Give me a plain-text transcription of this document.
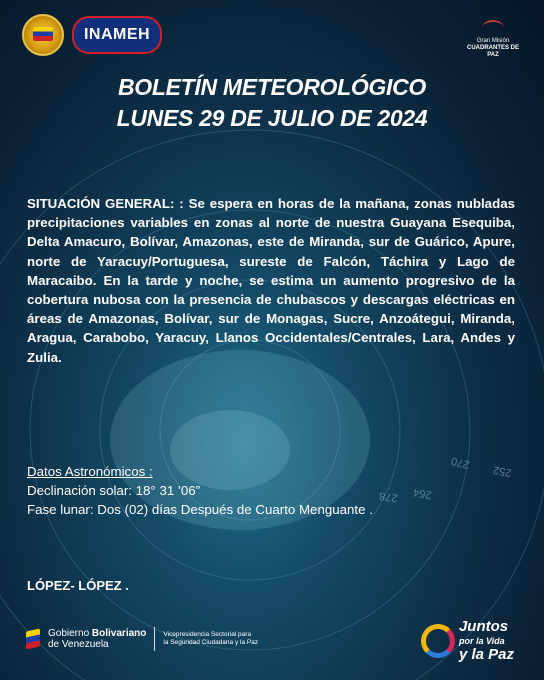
264
270
252
278
INAMEH	Gran Misión
CUADRANTES DE PAZ
BOLETÍN METEOROLÓGICO
LUNES 29 DE JULIO DE 2024
SITUACIÓN GENERAL: : Se espera en horas de la mañana, zonas nubladas precipitaciones variables en zonas al norte de nuestra Guayana Esequiba, Delta Amacuro, Bolívar, Amazonas, este de Miranda, sur de Guárico, Apure, norte de Yaracuy/Portuguesa, sureste de Falcón, Táchira y Lago de Maracaibo. En la tarde y noche, se estima un aumento progresivo de la cobertura nubosa con la presencia de chubascos y descargas eléctricas en áreas de Amazonas, Bolívar, sur de Monagas, Sucre, Anzoátegui, Miranda, Aragua, Carabobo, Yaracuy, Llanos Occidentales/Centrales, Lara, Andes y Zulia.
Datos Astronómicos :
Declinación solar: 18° 31 ’06”
Fase lunar: Dos (02) días Después de Cuarto Menguante .
LÓPEZ- LÓPEZ .
Gobierno Bolivariano
de Venezuela
Vicepresidencia Sectorial para
la Seguridad Ciudadana y la Paz
Juntos
por la Vida
y la Paz
